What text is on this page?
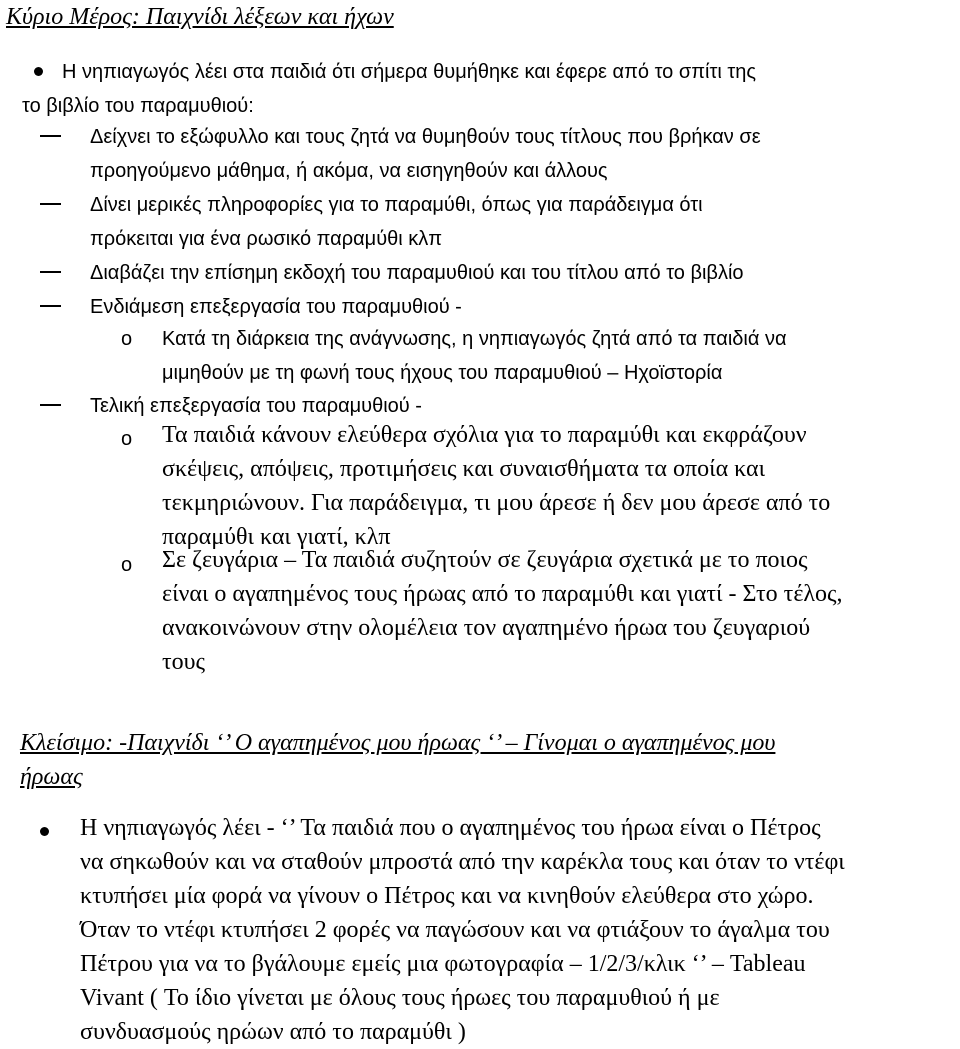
Κύριο Μέρος: Παιχνίδι λέξεων και ήχων
Η νηπιαγωγός λέει στα παιδιά ότι σήμερα θυμήθηκε και έφερε από το σπίτι της
το βιβλίο του παραμυθιού:
Δείχνει το εξώφυλλο και τους ζητά να θυμηθούν τους τίτλους που βρήκαν σε
προηγούμενο μάθημα, ή ακόμα, να εισηγηθούν και άλλους
Δίνει μερικές πληροφορίες για το παραμύθι, όπως για παράδειγμα ότι
πρόκειται για ένα ρωσικό παραμύθι κλπ
Διαβάζει την επίσημη εκδοχή του παραμυθιού και του τίτλου από το βιβλίο
Ενδιάμεση επεξεργασία του παραμυθιού -
o Κατά τη διάρκεια της ανάγνωσης, η νηπιαγωγός ζητά από τα παιδιά να
μιμηθούν με τη φωνή τους ήχους του παραμυθιού – Ηχοϊστορία
Τελική επεξεργασία του παραμυθιού -
o Τα παιδιά κάνουν ελεύθερα σχόλια για το παραμύθι και εκφράζουν
σκέψεις, απόψεις, προτιμήσεις και συναισθήματα τα οποία και
τεκμηριώνουν. Για παράδειγμα, τι μου άρεσε ή δεν μου άρεσε από το
παραμύθι και γιατί, κλπ
o Σε ζευγάρια – Τα παιδιά συζητούν σε ζευγάρια σχετικά με το ποιος
είναι ο αγαπημένος τους ήρωας από το παραμύθι και γιατί - Στο τέλος,
ανακοινώνουν στην ολομέλεια τον αγαπημένο ήρωα του ζευγαριού
τους
Κλείσιμο: -Παιχνίδι ‘’ Ο αγαπημένος μου ήρωας ‘’ – Γίνομαι ο αγαπημένος μου
ήρωας
Η νηπιαγωγός λέει - ‘’ Τα παιδιά που ο αγαπημένος του ήρωα είναι ο Πέτρος
να σηκωθούν και να σταθούν μπροστά από την καρέκλα τους και όταν το ντέφι
κτυπήσει μία φορά να γίνουν ο Πέτρος και να κινηθούν ελεύθερα στο χώρο.
Όταν το ντέφι κτυπήσει 2 φορές να παγώσουν και να φτιάξουν το άγαλμα του
Πέτρου για να το βγάλουμε εμείς μια φωτογραφία – 1/2/3/κλικ ‘’ – Tableau
Vivant ( Το ίδιο γίνεται με όλους τους ήρωες του παραμυθιού ή με
συνδυασμούς ηρώων από το παραμύθι )
